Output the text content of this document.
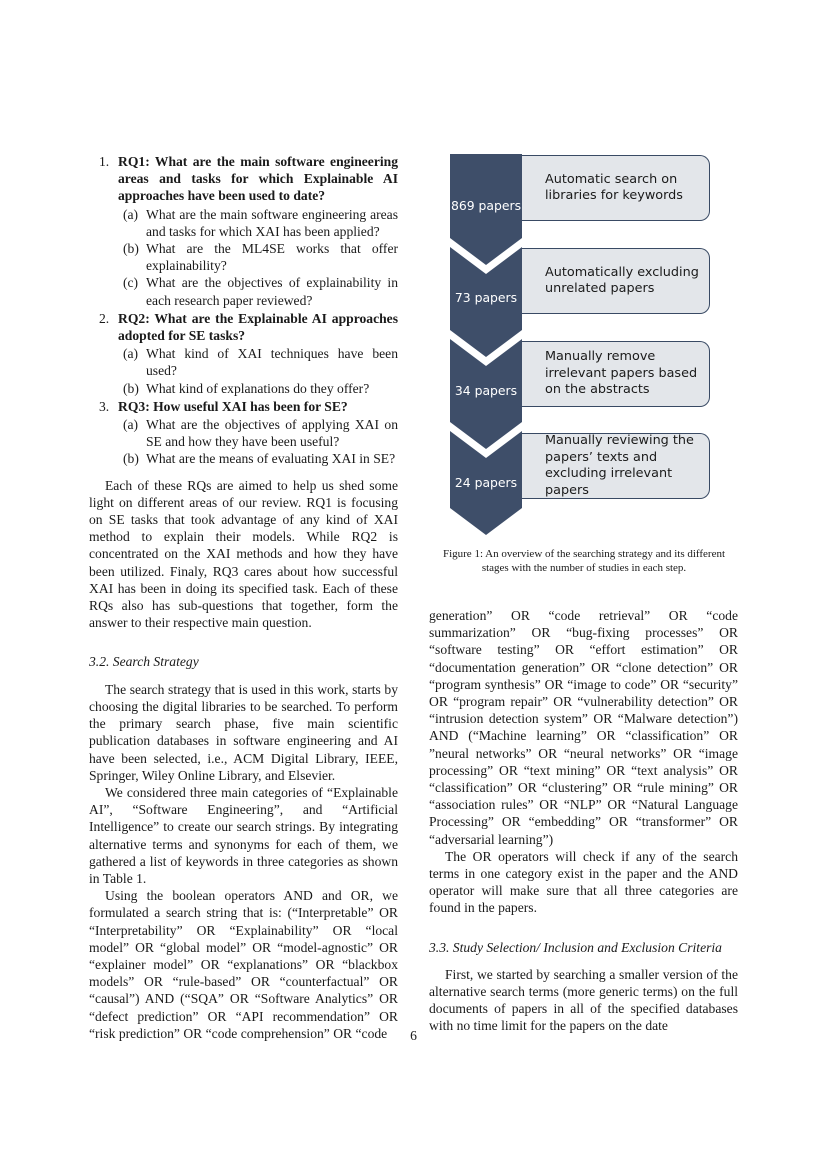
1. RQ1: What are the main software engineering areas and tasks for which Explainable AI approaches have been used to date?
(a) What are the main software engineering areas and tasks for which XAI has been applied?
(b) What are the ML4SE works that offer explainability?
(c) What are the objectives of explainability in each research paper reviewed?
2. RQ2: What are the Explainable AI approaches adopted for SE tasks?
(a) What kind of XAI techniques have been used?
(b) What kind of explanations do they offer?
3. RQ3: How useful XAI has been for SE?
(a) What are the objectives of applying XAI on SE and how they have been useful?
(b) What are the means of evaluating XAI in SE?

Each of these RQs are aimed to help us shed some light on different areas of our review. RQ1 is focusing on SE tasks that took advantage of any kind of XAI method to explain their models. While RQ2 is concentrated on the XAI methods and how they have been utilized. Finaly, RQ3 cares about how successful XAI has been in doing its specified task. Each of these RQs also has sub-questions that together, form the answer to their respective main question.

3.2. Search Strategy

The search strategy that is used in this work, starts by choosing the digital libraries to be searched. To perform the primary search phase, five main scientific publication databases in software engineering and AI have been selected, i.e., ACM Digital Library, IEEE, Springer, Wiley Online Library, and Elsevier.

We considered three main categories of “Explainable AI”, “Software Engineering”, and “Artificial Intelligence” to create our search strings. By integrating alternative terms and synonyms for each of them, we gathered a list of keywords in three categories as shown in Table 1.

Using the boolean operators AND and OR, we formulated a search string that is: (“Interpretable” OR “Interpretability” OR “Explainability” OR “local model” OR “global model” OR “model-agnostic” OR “explainer model” OR “explanations” OR “blackbox models” OR “rule-based” OR “counterfactual” OR “causal”) AND (“SQA” OR “Software Analytics” OR “defect prediction” OR “API recommendation” OR “risk prediction” OR “code comprehension” OR “code

Automatic search on libraries for keywords
Automatically excluding unrelated papers
Manually remove irrelevant papers based on the abstracts
Manually reviewing the papers’ texts and excluding irrelevant papers
869 papers
73 papers
34 papers
24 papers
Figure 1: An overview of the searching strategy and its different stages with the number of studies in each step.

generation” OR “code retrieval” OR “code summarization” OR “bug-fixing processes” OR “software testing” OR “effort estimation” OR “documentation generation” OR “clone detection” OR “program synthesis” OR “image to code” OR “security” OR “program repair” OR “vulnerability detection” OR “intrusion detection system” OR “Malware detection”) AND (“Machine learning” OR “classification” OR ”neural networks” OR “neural networks” OR “image processing” OR “text mining” OR “text analysis” OR “classification” OR “clustering” OR “rule mining” OR “association rules” OR “NLP” OR “Natural Language Processing” OR “embedding” OR “transformer” OR “adversarial learning”)

The OR operators will check if any of the search terms in one category exist in the paper and the AND operator will make sure that all three categories are found in the papers.

3.3. Study Selection/ Inclusion and Exclusion Criteria

First, we started by searching a smaller version of the alternative search terms (more generic terms) on the full documents of papers in all of the specified databases with no time limit for the papers on the date

6
